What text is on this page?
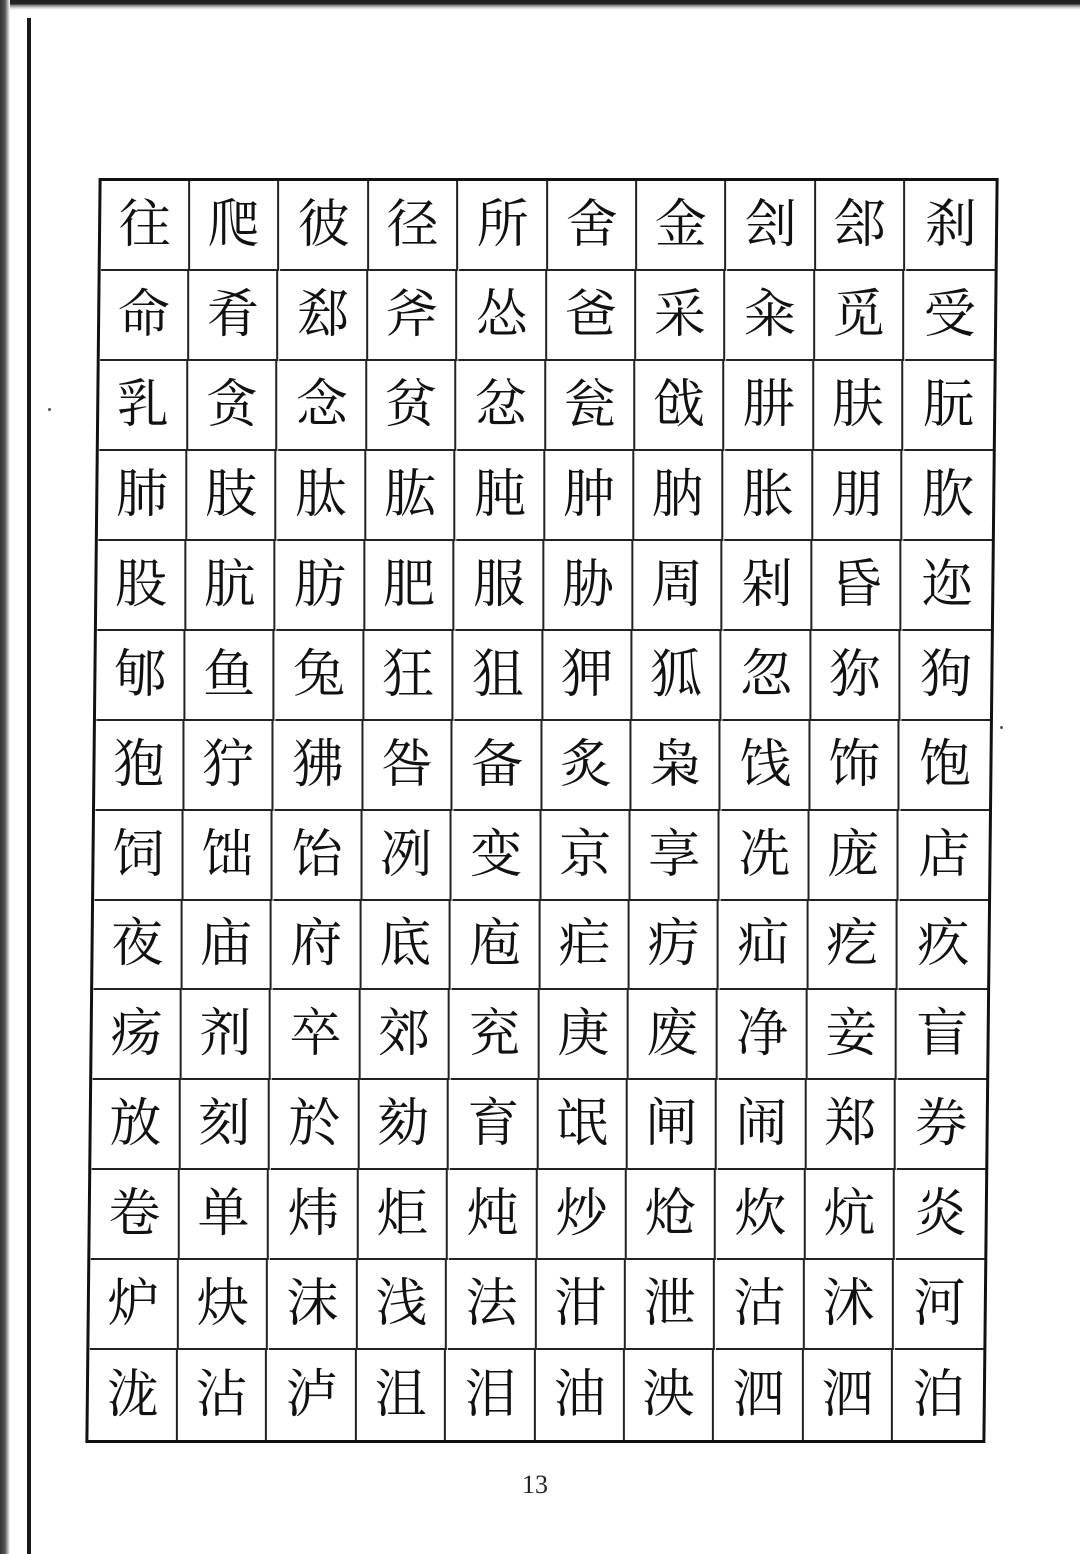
往 爬 彼 径 所 舍 金 刽 郐 刹
命 肴 郄 斧 怂 爸 采 籴 觅 受
乳 贪 念 贫 忿 瓮 戗 肼 肤 朊
肺 肢 肽 肱 肫 肿 肭 胀 朋 肷
股 肮 肪 肥 服 胁 周 剁 昏 迩
郇 鱼 兔 狂 狙 狎 狐 忽 狝 狗
狍 狞 狒 咎 备 炙 枭 饯 饰 饱
饲 饳 饴 冽 变 京 享 冼 庞 店
夜 庙 府 底 庖 疟 疠 疝 疙 疚
疡 剂 卒 郊 兖 庚 废 净 妾 盲
放 刻 於 劾 育 氓 闸 闹 郑 券
卷 单 炜 炬 炖 炒 炝 炊 炕 炎
炉 炔 沫 浅 法 泔 泄 沽 沭 河
泷 沾 泸 沮 泪 油 泱 泗 泗 泊
13
